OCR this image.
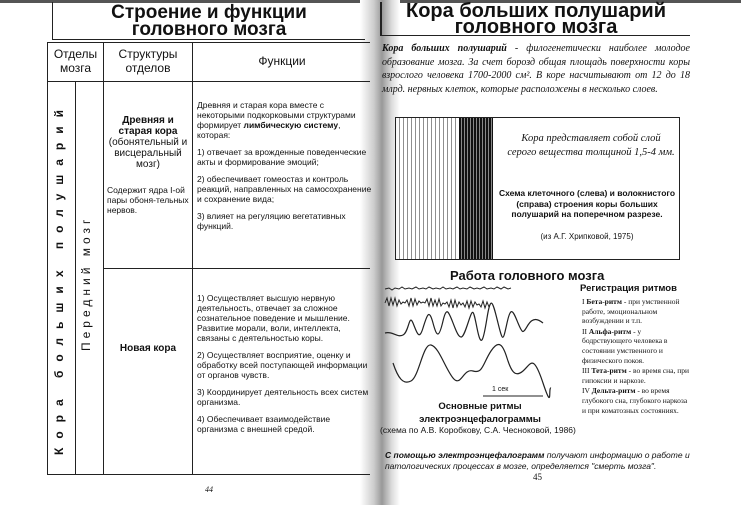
Строение и функции
головного мозга
Отделы мозга
Структуры отделов	Функции
Кора больших полушарий Передний мозг
Древняя и старая кора
(обонятельный и висцеральный мозг)
Содержит ядра I-ой пары обоня-тельных нервов.

Древняя и старая кора вместе с некоторыми подкорковыми структурами формирует лимбическую систему, которая:

1) отвечает за врожденные поведенческие акты и формирование эмоций;

2) обеспечивает гомеостаз и контроль реакций, направленных на самосохранение и сохранение вида;

3) влияет на регуляцию вегетативных функций.

Новая кора

1) Осуществляет высшую нервную деятельность, отвечает за сложное сознательное поведение и мышление. Развитие морали, воли, интеллекта, связаны с деятельностью коры.

2) Осуществляет восприятие, оценку и обработку всей поступающей информации от органов чувств.

3) Координирует деятельность всех систем организма.

4) Обеспечивает взаимодействие организма с внешней средой.

44
Кора больших полушарий
головного мозга
Кора больших полушарий - филогенетически наиболее молодое образование мозга. За счет борозд общая площадь поверхности коры взрослого человека 1700-2000 см². В коре насчитывают от 12 до 18 млрд. нервных клеток, которые расположены в несколько слоев.
Кора представляет собой слой серого вещества толщиной 1,5-4 мм.
Схема клеточного (слева) и волокнистого (справа) строения коры больших полушарий на поперечном разрезе.
(из А.Г. Хрипковой, 1975)
Работа головного мозга
1 сек
Основные ритмы электроэнцефалограммы
(схема по А.В. Коробкову, С.А. Чесноковой, 1986)
Регистрация ритмов
I Бета-ритм - при умственной работе, эмоциональном возбуждении и т.п.
II Альфа-ритм - у бодрствующего человека в состоянии умственного и физического покоя.
III Тета-ритм - во время сна, при гипоксии и наркозе.
IV Дельта-ритм - во время глубокого сна, глубокого наркоза и при коматозных состояниях.
С помощью электроэнцефалограмм получают информацию о работе и патологических процессах в мозге, определяется "смерть мозга".
45
